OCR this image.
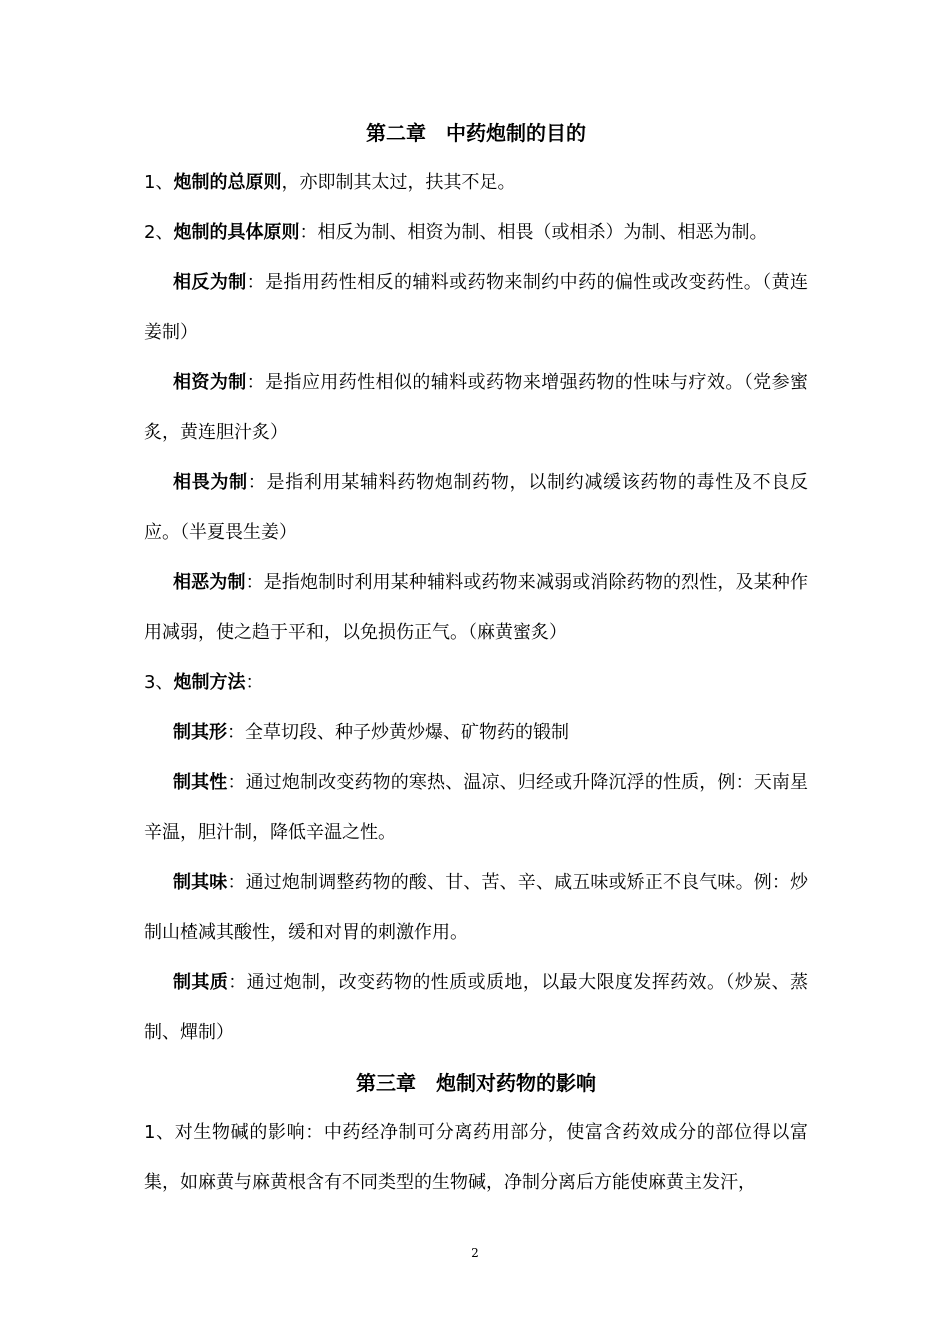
第二章　中药炮制的目的

1、炮制的总原则，亦即制其太过，扶其不足。

2、炮制的具体原则：相反为制、相资为制、相畏（或相杀）为制、相恶为制。

相反为制：是指用药性相反的辅料或药物来制约中药的偏性或改变药性。（黄连姜制）

相资为制：是指应用药性相似的辅料或药物来增强药物的性味与疗效。（党参蜜炙，黄连胆汁炙）

相畏为制：是指利用某辅料药物炮制药物，以制约减缓该药物的毒性及不良反应。（半夏畏生姜）

相恶为制：是指炮制时利用某种辅料或药物来减弱或消除药物的烈性，及某种作用减弱，使之趋于平和，以免损伤正气。（麻黄蜜炙）

3、炮制方法：

制其形：全草切段、种子炒黄炒爆、矿物药的锻制

制其性：通过炮制改变药物的寒热、温凉、归经或升降沉浮的性质，例：天南星辛温，胆汁制，降低辛温之性。

制其味：通过炮制调整药物的酸、甘、苦、辛、咸五味或矫正不良气味。例：炒制山楂减其酸性，缓和对胃的刺激作用。

制其质：通过炮制，改变药物的性质或质地，以最大限度发挥药效。（炒炭、蒸制、燀制）

第三章　炮制对药物的影响

1、对生物碱的影响：中药经净制可分离药用部分，使富含药效成分的部位得以富集，如麻黄与麻黄根含有不同类型的生物碱，净制分离后方能使麻黄主发汗，

2
